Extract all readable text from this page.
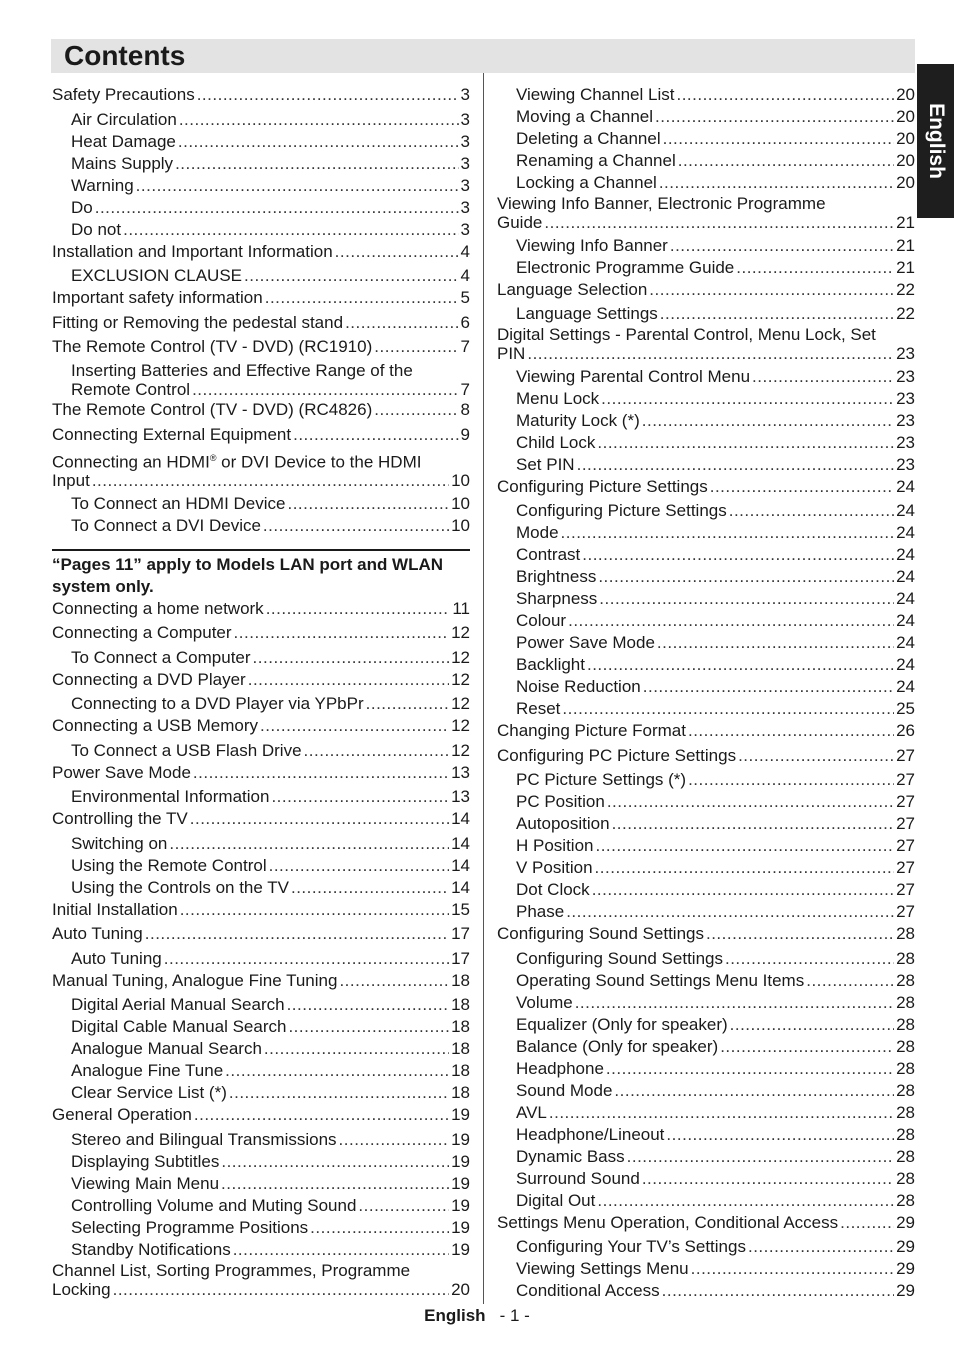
Contents
English
Safety Precautions .....	3
Air Circulation .....	3
Heat Damage .....	3
Mains Supply .....	3
Warning .....	3
Do .....	3
Do not .....	3
Installation and Important Information .....	4
EXCLUSION CLAUSE .....	4
Important safety information .....	5
Fitting or Removing the pedestal stand .....	6
The Remote Control (TV - DVD) (RC1910) .....	7
Inserting Batteries and Effective Range of the
Remote Control .....	7
The Remote Control (TV - DVD) (RC4826) .....	8
Connecting External Equipment .....	9
Connecting an HDMI® or DVI Device to the HDMI
Input .....	10
To Connect an HDMI Device .....	10
To Connect a DVI Device .....	10
“Pages 11” apply to Models LAN port and WLAN system only.
Connecting a home network .....	11
Connecting a Computer .....	12
To Connect a Computer .....	12
Connecting a DVD Player .....	12
Connecting to a DVD Player via YPbPr .....	12
Connecting a USB Memory .....	12
To Connect a USB Flash Drive .....	12
Power Save Mode .....	13
Environmental Information .....	13
Controlling the TV .....	14
Switching on .....	14
Using the Remote Control .....	14
Using the Controls on the TV .....	14
Initial Installation .....	15
Auto Tuning .....	17
Auto Tuning .....	17
Manual Tuning, Analogue Fine Tuning .....	18
Digital Aerial Manual Search .....	18
Digital Cable Manual Search .....	18
Analogue Manual Search .....	18
Analogue Fine Tune .....	18
Clear Service List (*) .....	18
General Operation .....	19
Stereo and Bilingual Transmissions .....	19
Displaying Subtitles .....	19
Viewing Main Menu .....	19
Controlling Volume and Muting Sound .....	19
Selecting Programme Positions .....	19
Standby Notifications .....	19
Channel List, Sorting Programmes, Programme
Locking .....	20
Viewing Channel List .....	20
Moving a Channel .....	20
Deleting a Channel .....	20
Renaming a Channel .....	20
Locking a Channel .....	20
Viewing Info Banner, Electronic Programme
Guide .....	21
Viewing Info Banner .....	21
Electronic Programme Guide .....	21
Language Selection .....	22
Language Settings .....	22
Digital Settings - Parental Control, Menu Lock, Set
PIN .....	23
Viewing Parental Control Menu .....	23
Menu Lock .....	23
Maturity Lock (*) .....	23
Child Lock .....	23
Set PIN .....	23
Configuring Picture Settings .....	24
Configuring Picture Settings .....	24
Mode .....	24
Contrast .....	24
Brightness .....	24
Sharpness .....	24
Colour .....	24
Power Save Mode .....	24
Backlight .....	24
Noise Reduction .....	24
Reset .....	25
Changing Picture Format .....	26
Configuring PC Picture Settings .....	27
PC Picture Settings (*) .....	27
PC Position .....	27
Autoposition .....	27
H Position .....	27
V Position .....	27
Dot Clock .....	27
Phase .....	27
Configuring Sound Settings .....	28
Configuring Sound Settings .....	28
Operating Sound Settings Menu Items .....	28
Volume .....	28
Equalizer (Only for speaker) .....	28
Balance (Only for speaker) .....	28
Headphone .....	28
Sound Mode .....	28
AVL .....	28
Headphone/Lineout .....	28
Dynamic Bass .....	28
Surround Sound .....	28
Digital Out .....	28
Settings Menu Operation, Conditional Access .....	29
Configuring Your TV’s Settings .....	29
Viewing Settings Menu .....	29
Conditional Access .....	29
English - 1 -
